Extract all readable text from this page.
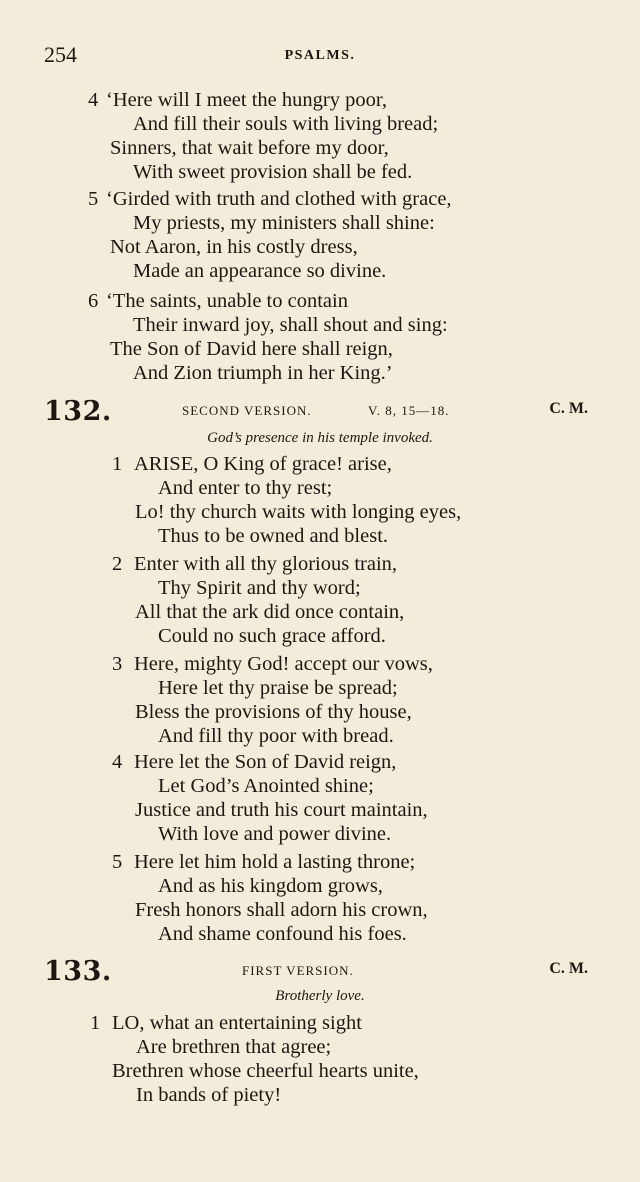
254	PSALMS.
4 ‘Here will I meet the hungry poor,
And fill their souls with living bread;
Sinners, that wait before my door,
With sweet provision shall be fed.
5 ‘Girded with truth and clothed with grace,
My priests, my ministers shall shine:
Not Aaron, in his costly dress,
Made an appearance so divine.
6 ‘The saints, unable to contain
Their inward joy, shall shout and sing:
The Son of David here shall reign,
And Zion triumph in her King.’
132.	SECOND VERSION.	V. 8, 15—18.	C. M.
God’s presence in his temple invoked.
1 ARISE, O King of grace! arise,
And enter to thy rest;
Lo! thy church waits with longing eyes,
Thus to be owned and blest.
2 Enter with all thy glorious train,
Thy Spirit and thy word;
All that the ark did once contain,
Could no such grace afford.
3 Here, mighty God! accept our vows,
Here let thy praise be spread;
Bless the provisions of thy house,
And fill thy poor with bread.
4 Here let the Son of David reign,
Let God’s Anointed shine;
Justice and truth his court maintain,
With love and power divine.
5 Here let him hold a lasting throne;
And as his kingdom grows,
Fresh honors shall adorn his crown,
And shame confound his foes.
133.	FIRST VERSION.	C. M.
Brotherly love.
1 LO, what an entertaining sight
Are brethren that agree;
Brethren whose cheerful hearts unite,
In bands of piety!
